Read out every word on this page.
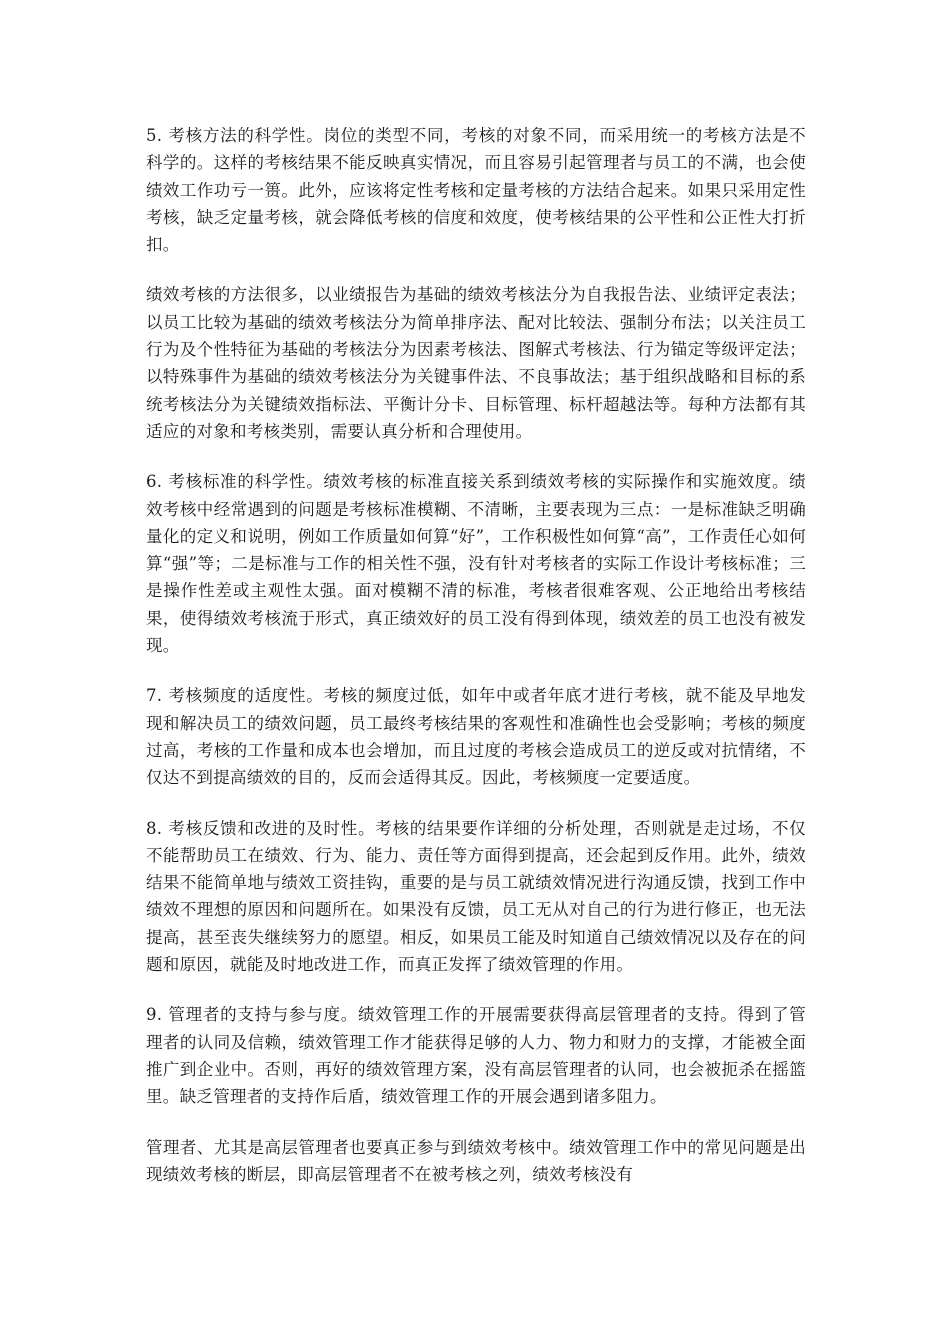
5. 考核方法的科学性。岗位的类型不同，考核的对象不同，而采用统一的考核方法是不科学的。这样的考核结果不能反映真实情况，而且容易引起管理者与员工的不满，也会使绩效工作功亏一篑。此外，应该将定性考核和定量考核的方法结合起来。如果只采用定性考核，缺乏定量考核，就会降低考核的信度和效度，使考核结果的公平性和公正性大打折扣。

绩效考核的方法很多，以业绩报告为基础的绩效考核法分为自我报告法、业绩评定表法；以员工比较为基础的绩效考核法分为简单排序法、配对比较法、强制分布法；以关注员工行为及个性特征为基础的考核法分为因素考核法、图解式考核法、行为锚定等级评定法；以特殊事件为基础的绩效考核法分为关键事件法、不良事故法；基于组织战略和目标的系统考核法分为关键绩效指标法、平衡计分卡、目标管理、标杆超越法等。每种方法都有其适应的对象和考核类别，需要认真分析和合理使用。

6. 考核标准的科学性。绩效考核的标准直接关系到绩效考核的实际操作和实施效度。绩效考核中经常遇到的问题是考核标准模糊、不清晰，主要表现为三点：一是标准缺乏明确量化的定义和说明，例如工作质量如何算“好”，工作积极性如何算“高”，工作责任心如何算“强”等；二是标准与工作的相关性不强，没有针对考核者的实际工作设计考核标准；三是操作性差或主观性太强。面对模糊不清的标准，考核者很难客观、公正地给出考核结果，使得绩效考核流于形式，真正绩效好的员工没有得到体现，绩效差的员工也没有被发现。

7. 考核频度的适度性。考核的频度过低，如年中或者年底才进行考核，就不能及早地发现和解决员工的绩效问题，员工最终考核结果的客观性和准确性也会受影响；考核的频度过高，考核的工作量和成本也会增加，而且过度的考核会造成员工的逆反或对抗情绪，不仅达不到提高绩效的目的，反而会适得其反。因此，考核频度一定要适度。

8. 考核反馈和改进的及时性。考核的结果要作详细的分析处理，否则就是走过场，不仅不能帮助员工在绩效、行为、能力、责任等方面得到提高，还会起到反作用。此外，绩效结果不能简单地与绩效工资挂钩，重要的是与员工就绩效情况进行沟通反馈，找到工作中绩效不理想的原因和问题所在。如果没有反馈，员工无从对自己的行为进行修正，也无法提高，甚至丧失继续努力的愿望。相反，如果员工能及时知道自己绩效情况以及存在的问题和原因，就能及时地改进工作，而真正发挥了绩效管理的作用。

9. 管理者的支持与参与度。绩效管理工作的开展需要获得高层管理者的支持。得到了管理者的认同及信赖，绩效管理工作才能获得足够的人力、物力和财力的支撑，才能被全面推广到企业中。否则，再好的绩效管理方案，没有高层管理者的认同，也会被扼杀在摇篮里。缺乏管理者的支持作后盾，绩效管理工作的开展会遇到诸多阻力。

管理者、尤其是高层管理者也要真正参与到绩效考核中。绩效管理工作中的常见问题是出现绩效考核的断层，即高层管理者不在被考核之列，绩效考核没有
